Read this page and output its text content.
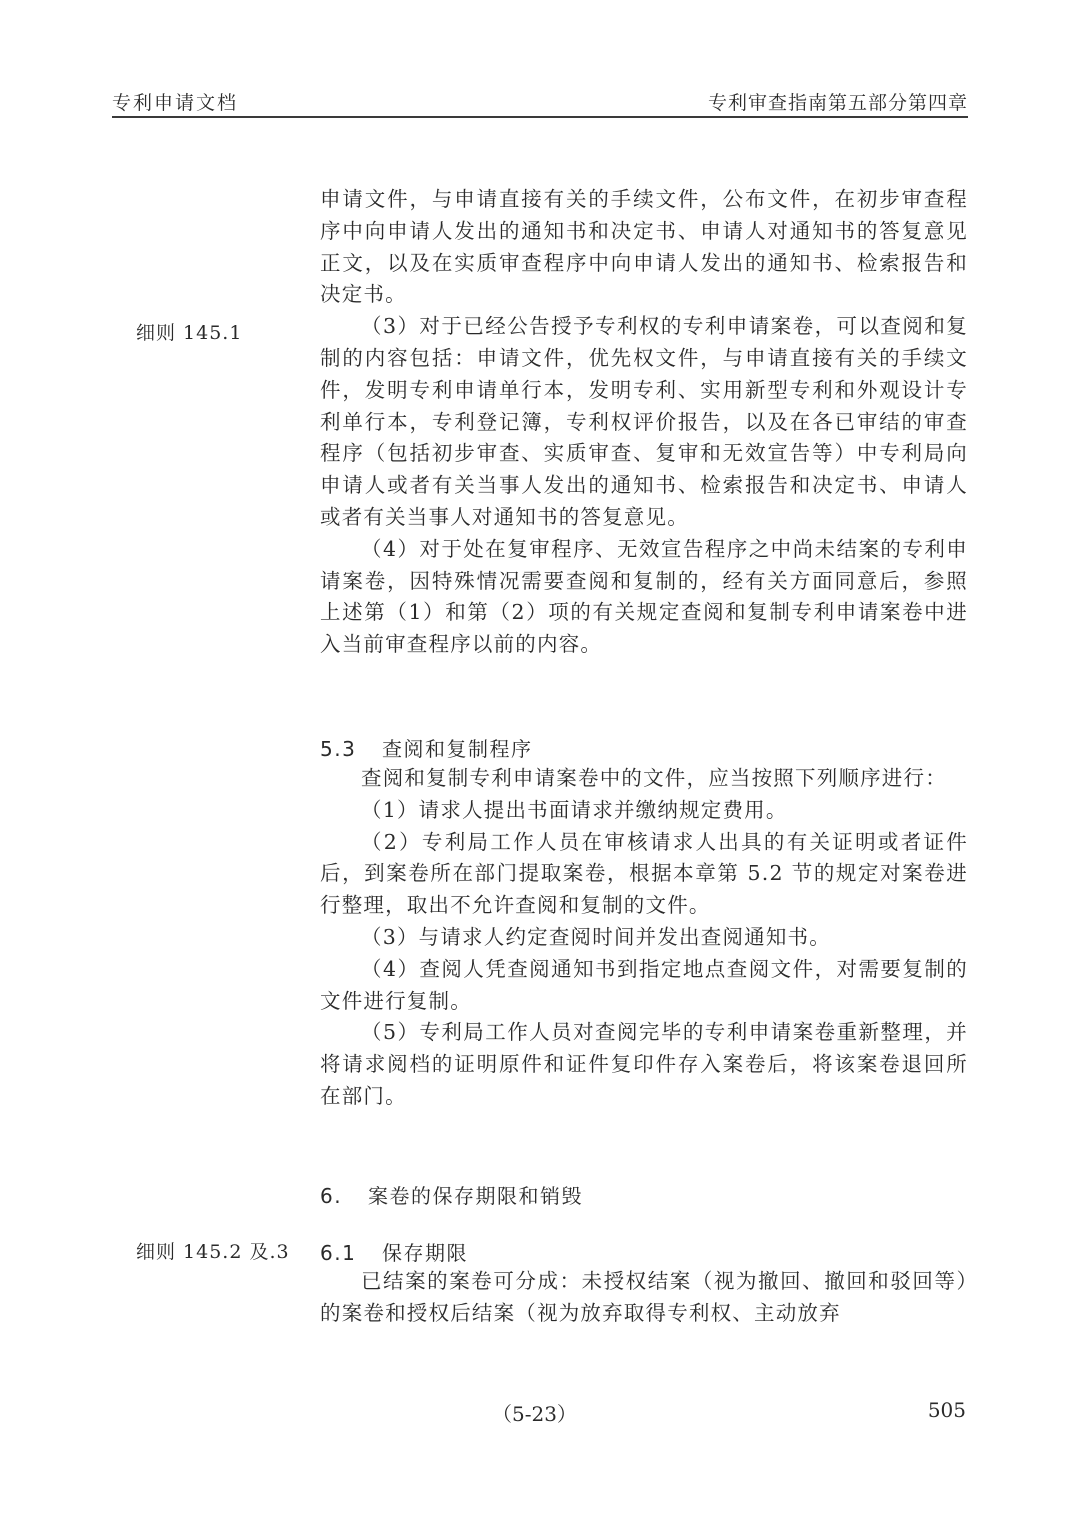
专利申请文档	专利审查指南第五部分第四章

申请文件，与申请直接有关的手续文件，公布文件，在初步审查程序中向申请人发出的通知书和决定书、申请人对通知书的答复意见正文，以及在实质审查程序中向申请人发出的通知书、检索报告和决定书。

（3）对于已经公告授予专利权的专利申请案卷，可以查阅和复制的内容包括：申请文件，优先权文件，与申请直接有关的手续文件，发明专利申请单行本，发明专利、实用新型专利和外观设计专利单行本，专利登记簿，专利权评价报告，以及在各已审结的审查程序（包括初步审查、实质审查、复审和无效宣告等）中专利局向申请人或者有关当事人发出的通知书、检索报告和决定书、申请人或者有关当事人对通知书的答复意见。

（4）对于处在复审程序、无效宣告程序之中尚未结案的专利申请案卷，因特殊情况需要查阅和复制的，经有关方面同意后，参照上述第（1）和第（2）项的有关规定查阅和复制专利申请案卷中进入当前审查程序以前的内容。

细则 145.1
5.3 查阅和复制程序

查阅和复制专利申请案卷中的文件，应当按照下列顺序进行：

（1）请求人提出书面请求并缴纳规定费用。

（2）专利局工作人员在审核请求人出具的有关证明或者证件后，到案卷所在部门提取案卷，根据本章第 5.2 节的规定对案卷进行整理，取出不允许查阅和复制的文件。

（3）与请求人约定查阅时间并发出查阅通知书。

（4）查阅人凭查阅通知书到指定地点查阅文件，对需要复制的文件进行复制。

（5）专利局工作人员对查阅完毕的专利申请案卷重新整理，并将请求阅档的证明原件和证件复印件存入案卷后，将该案卷退回所在部门。

6. 案卷的保存期限和销毁
细则 145.2 及.3 6.1 保存期限

已结案的案卷可分成：未授权结案（视为撤回、撤回和驳回等）的案卷和授权后结案（视为放弃取得专利权、主动放弃

（5-23）	505
